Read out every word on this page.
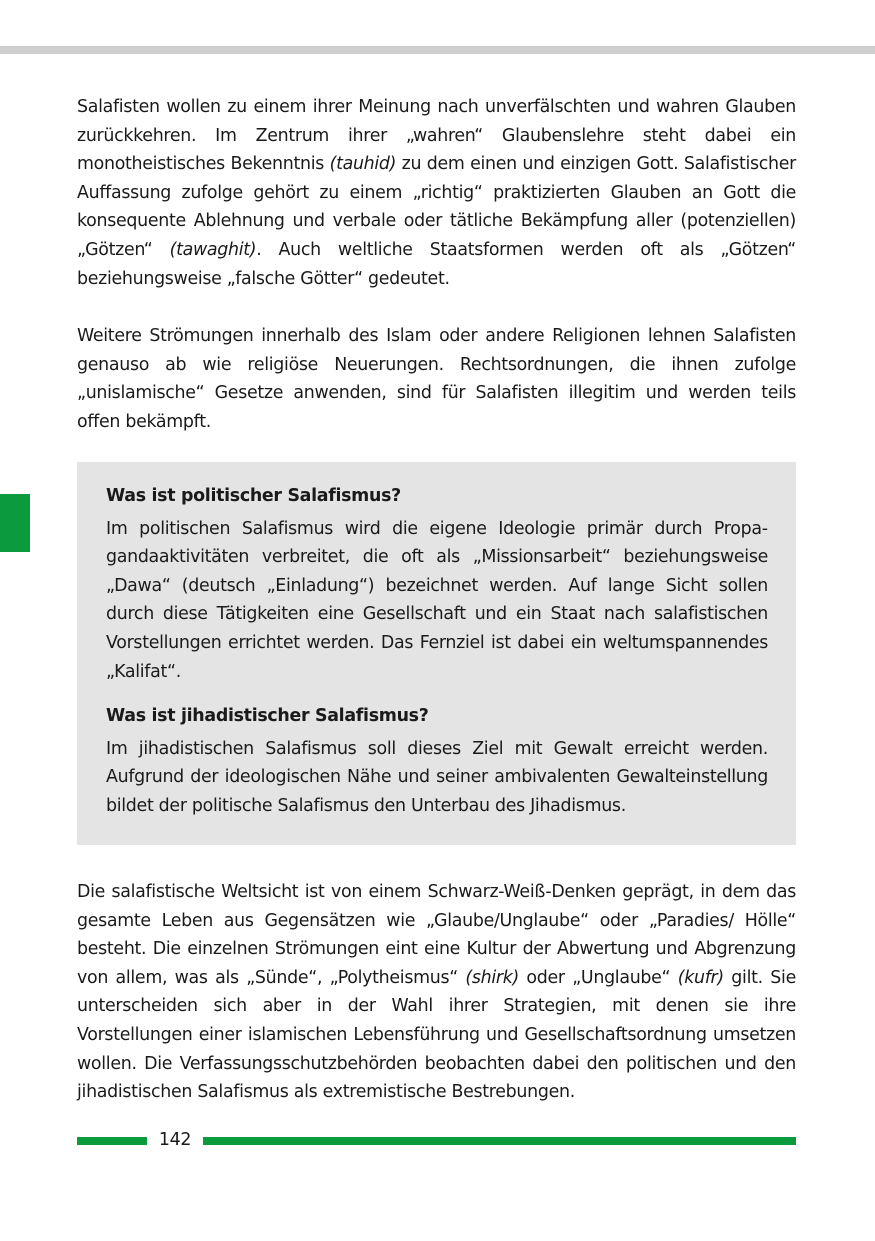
Salafisten wollen zu einem ihrer Meinung nach unverfälschten und wahren Glauben zurückkehren. Im Zentrum ihrer „wahren“ Glaubenslehre steht dabei ein monotheistisches Bekenntnis (tauhid) zu dem einen und einzigen Gott. Salafistischer Auffassung zufolge gehört zu einem „richtig“ praktizierten Glauben an Gott die konsequente Ablehnung und verbale oder tätliche Bekämpfung aller (potenziellen) „Götzen“ (tawaghit). Auch weltliche Staatsformen werden oft als „Götzen“ beziehungsweise „falsche Götter“ gedeutet.

Weitere Strömungen innerhalb des Islam oder andere Religionen lehnen Salafisten genauso ab wie religiöse Neuerungen. Rechtsordnungen, die ihnen zufolge „unislamische“ Gesetze anwenden, sind für Salafisten illegitim und werden teils offen bekämpft.

Was ist politischer Salafismus?

Im politischen Salafismus wird die eigene Ideologie primär durch Propagandaaktivitäten verbreitet, die oft als „Missionsarbeit“ beziehungsweise „Dawa“ (deutsch „Einladung“) bezeichnet werden. Auf lange Sicht sollen durch diese Tätigkeiten eine Gesellschaft und ein Staat nach salafistischen Vorstellungen errichtet werden. Das Fernziel ist dabei ein weltumspannendes „Kalifat“.

Was ist jihadistischer Salafismus?

Im jihadistischen Salafismus soll dieses Ziel mit Gewalt erreicht werden. Aufgrund der ideologischen Nähe und seiner ambivalenten Gewalteinstellung bildet der politische Salafismus den Unterbau des Jihadismus.

Die salafistische Weltsicht ist von einem Schwarz-Weiß-Denken geprägt, in dem das gesamte Leben aus Gegensätzen wie „Glaube/Unglaube“ oder „Paradies/ Hölle“ besteht. Die einzelnen Strömungen eint eine Kultur der Abwertung und Abgrenzung von allem, was als „Sünde“, „Polytheismus“ (shirk) oder „Unglaube“ (kufr) gilt. Sie unterscheiden sich aber in der Wahl ihrer Strategien, mit denen sie ihre Vorstellungen einer islamischen Lebensführung und Gesellschaftsordnung umsetzen wollen. Die Verfassungsschutzbehörden beobachten dabei den politischen und den jihadistischen Salafismus als extremistische Bestrebungen.

142
